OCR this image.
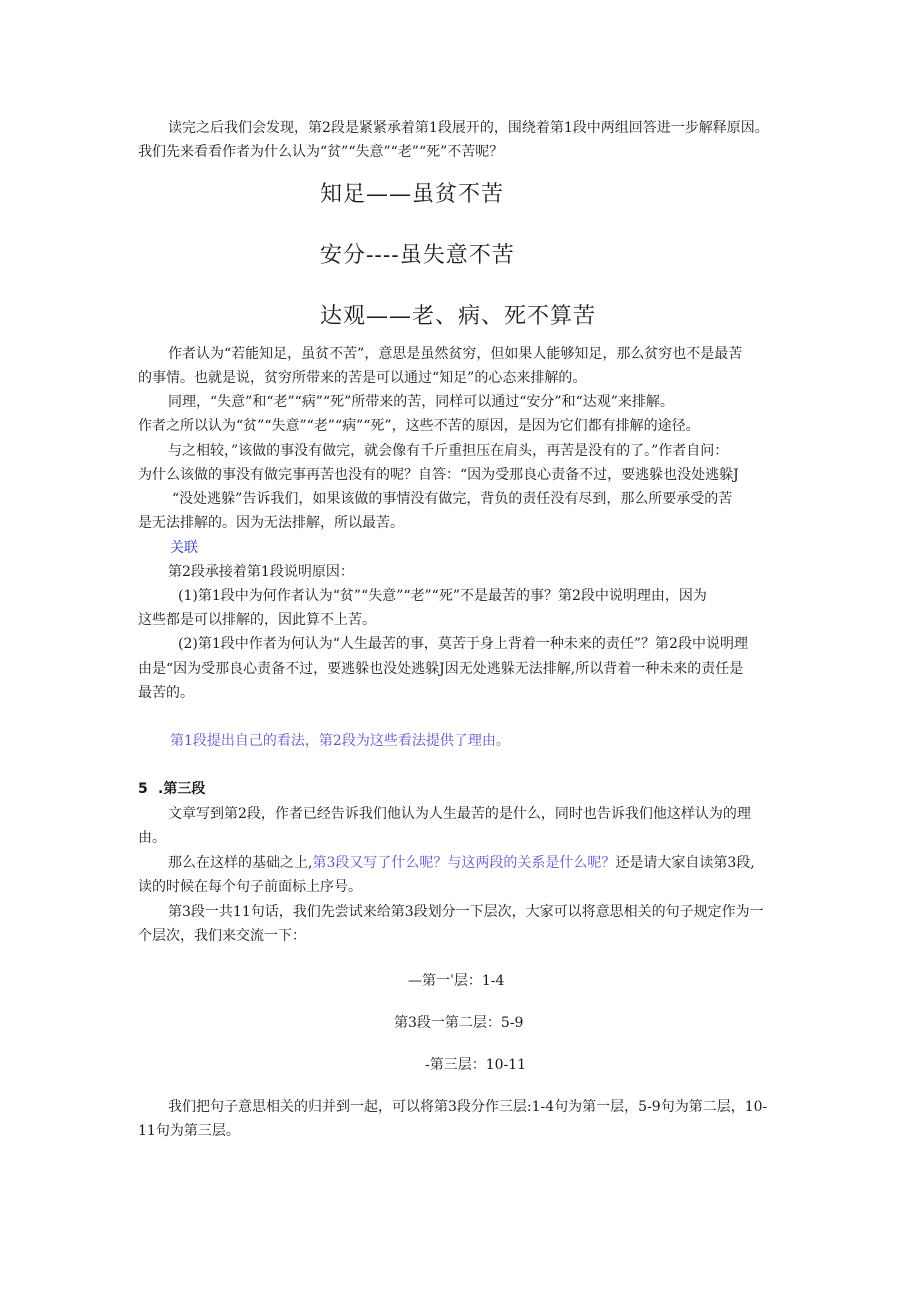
读完之后我们会发现，第2段是紧紧承着第1段展开的，围绕着第1段中两组回答进一步解释原因。
我们先来看看作者为什么认为“贫”“失意”“老”“死”不苦呢？
知足——虽贫不苦
安分----虽失意不苦
达观——老、病、死不算苦
作者认为“若能知足，虽贫不苦”，意思是虽然贫穷，但如果人能够知足，那么贫穷也不是最苦
的事情。也就是说，贫穷所带来的苦是可以通过“知足”的心态来排解的。
同理，“失意”和“老”“病”“死”所带来的苦，同样可以通过“安分”和“达观”来排解。
作者之所以认为“贫”“失意”“老”“病”“死”，这些不苦的原因，是因为它们都有排解的途径。
与之相较，”该做的事没有做完，就会像有千斤重担压在肩头，再苦是没有的了。”作者自问：
为什么该做的事没有做完事再苦也没有的呢？自答：“因为受那良心责备不过，要逃躲也没处逃躲J
“没处逃躲”告诉我们，如果该做的事情没有做完，背负的责任没有尽到，那么所要承受的苦
是无法排解的。因为无法排解，所以最苦。
关联
第2段承接着第1段说明原因：
(1)第1段中为何作者认为“贫”“失意”“老”“死”不是最苦的事？第2段中说明理由，因为
这些都是可以排解的，因此算不上苦。
(2)第1段中作者为何认为“人生最苦的事，莫苦于身上背着一种未来的责任”？第2段中说明理
由是“因为受那良心责备不过，要逃躲也没处逃躲J因无处逃躲无法排解,所以背着一种未来的责任是
最苦的。
第1段提出自己的看法，第2段为这些看法提供了理由。
5 .第三段
文章写到第2段，作者已经告诉我们他认为人生最苦的是什么，同时也告诉我们他这样认为的理
由。
那么在这样的基础之上,第3段又写了什么呢？与这两段的关系是什么呢？还是请大家自读第3段,
读的时候在每个句子前面标上序号。
第3段一共11句话，我们先尝试来给第3段划分一下层次，大家可以将意思相关的句子规定作为一
个层次，我们来交流一下：
—第一ˈ层：1-4
第3段一第二层：5-9
-第三层：10-11
我们把句子意思相关的归并到一起，可以将第3段分作三层:1-4句为第一层，5-9句为第二层，10-
11句为第三层。
